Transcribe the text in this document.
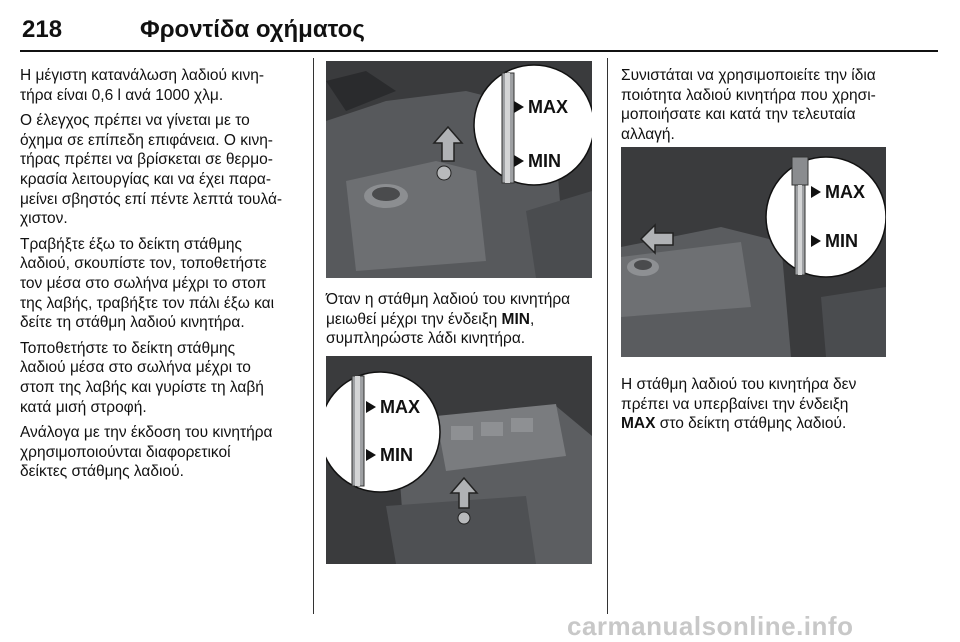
218	Φροντίδα οχήματος

Η μέγιστη κατανάλωση λαδιού κινη-
τήρα είναι 0,6 l ανά 1000 χλμ.

Ο έλεγχος πρέπει να γίνεται με το
όχημα σε επίπεδη επιφάνεια. Ο κινη-
τήρας πρέπει να βρίσκεται σε θερμο-
κρασία λειτουργίας και να έχει παρα-
μείνει σβηστός επί πέντε λεπτά τουλά-
χιστον.

Τραβήξτε έξω το δείκτη στάθμης
λαδιού, σκουπίστε τον, τοποθετήστε
τον μέσα στο σωλήνα μέχρι το στοπ
της λαβής, τραβήξτε τον πάλι έξω και
δείτε τη στάθμη λαδιού κινητήρα.

Τοποθετήστε το δείκτη στάθμης
λαδιού μέσα στο σωλήνα μέχρι το
στοπ της λαβής και γυρίστε τη λαβή
κατά μισή στροφή.

Ανάλογα με την έκδοση του κινητήρα
χρησιμοποιούνται διαφορετικοί
δείκτες στάθμης λαδιού.

MAX
MIN

Όταν η στάθμη λαδιού του κινητήρα
μειωθεί μέχρι την ένδειξη MIN,
συμπληρώστε λάδι κινητήρα.

MAX
MIN

Συνιστάται να χρησιμοποιείτε την ίδια
ποιότητα λαδιού κινητήρα που χρησι-
μοποιήσατε και κατά την τελευταία
αλλαγή.

MAX
MIN

Η στάθμη λαδιού του κινητήρα δεν
πρέπει να υπερβαίνει την ένδειξη
MAX στο δείκτη στάθμης λαδιού.

carmanualsonline.info
